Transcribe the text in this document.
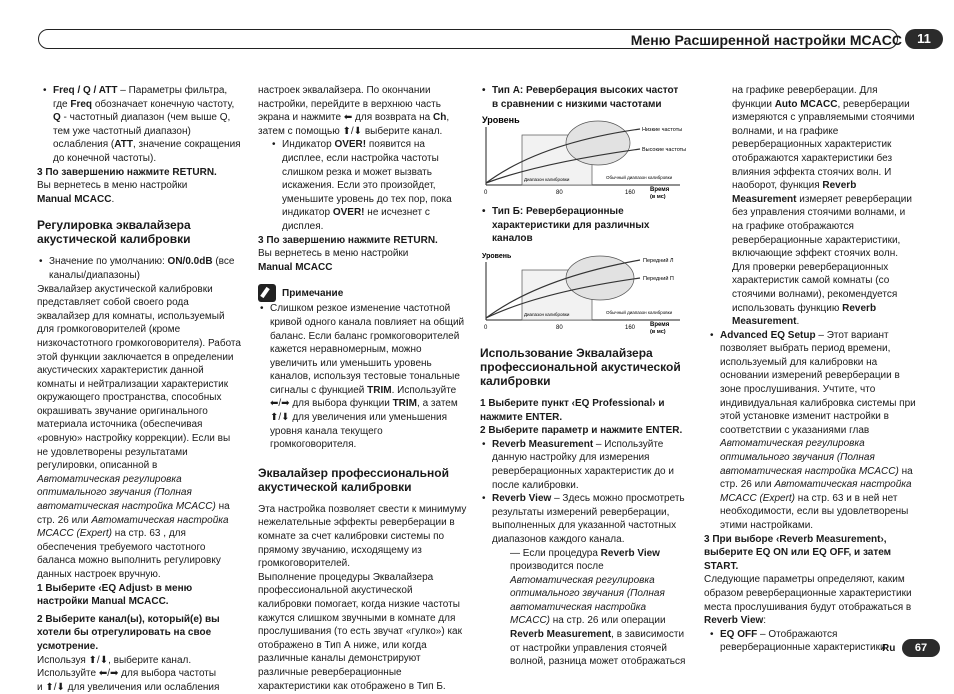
Меню Расширенной настройки MCACC	11

• Freq / Q / ATT – Параметры фильтра, где Freq обозначает конечную частоту, Q - частотный диапазон (чем выше Q, тем уже частотный диапазон) ослабления (ATT, значение сокращения до конечной частоты).

3 По завершению нажмите RETURN.

Вы вернетесь в меню настройки
Manual MCACC.

Регулировка эквалайзера акустической калибровки

• Значение по умолчанию: ON/0.0dB (все каналы/диапазоны)

Эквалайзер акустической калибровки представляет собой своего рода эквалайзер для комнаты, используемый для громкоговорителей (кроме низкочастотного громкоговорителя). Работа этой функции заключается в определении акустических характеристик данной комнаты и нейтрализации характеристик окружающего пространства, способных окрашивать звучание оригинального материала источника (обеспечивая «ровную» настройку коррекции). Если вы не удовлетворены результатами регулировки, описанной в Автоматическая регулировка оптимального звучания (Полная автоматическая настройка MCACC) на стр. 26 или Автоматическая настройка MCACC (Expert) на стр. 63 , для обеспечения требуемого частотного баланса можно выполнить регулировку данных настроек вручную.

1 Выберите ‹EQ Adjust› в меню настройки Manual MCACC.

2 Выберите канал(ы), который(е) вы хотели бы отрегулировать на свое усмотрение.

Используя ⬆/⬇, выберите канал.

Используйте ⬅/➡ для выбора частоты

и ⬆/⬇ для увеличения или ослабления

настроек эквалайзера. По окончании настройки, перейдите в верхнюю часть экрана и нажмите ⬅ для возврата на Ch, затем с помощью ⬆/⬇ выберите канал.

• Индикатор OVER! появится на дисплее, если настройка частоты слишком резка и может вызвать искажения. Если это произойдет, уменьшите уровень до тех пор, пока индикатор OVER! не исчезнет с дисплея.

3 По завершению нажмите RETURN.

Вы вернетесь в меню настройки
Manual MCACC

Примечание

• Слишком резкое изменение частотной кривой одного канала повлияет на общий баланс. Если баланс громкоговорителей кажется неравномерным, можно увеличить или уменьшить уровень каналов, используя тестовые тональные сигналы с функцией TRIM. Используйте ⬅/➡ для выбора функции TRIM, а затем ⬆/⬇ для увеличения или уменьшения уровня канала текущего громкоговорителя.

Эквалайзер профессиональной акустической калибровки

Эта настройка позволяет свести к минимуму нежелательные эффекты реверберации в комнате за счет калибровки системы по прямому звучанию, исходящему из громкоговорителей.

Выполнение процедуры Эквалайзера профессиональной акустической калибровки помогает, когда низкие частоты кажутся слишком звучными в комнате для прослушивания (то есть звучат «гулко») как отображено в Тип А ниже, или когда различные каналы демонстрируют различные реверберационные характеристики как отображено в Тип Б.

• Тип A: Реверберация высоких частот в сравнении с низкими частотами

Уровень
Низкие частоты
Высокие частоты
Диапазон калибровки	Обычный диапазон калибровки
0	80	160 Время
(в мс)

• Тип Б: Реверберационные характеристики для различных каналов

Уровень
Передний Л
Передний П
Диапазон калибровки	Обычный диапазон калибровки
0	80	160 Время
(в мс)
Использование Эквалайзера профессиональной акустической калибровки

1 Выберите пункт ‹EQ Professional› и нажмите ENTER.

2 Выберите параметр и нажмите ENTER.

• Reverb Measurement – Используйте данную настройку для измерения реверберационных характеристик до и после калибровки.

• Reverb View – Здесь можно просмотреть результаты измерений реверберации, выполненных для указанной частотных диапазонов каждого канала.

— Если процедура Reverb View производится после Автоматическая регулировка оптимального звучания (Полная автоматическая настройка MCACC) на стр. 26 или операции Reverb Measurement, в зависимости от настройки управления стоячей волной, разница может отображаться

на графике реверберации. Для функции Auto MCACC, реверберации измеряются с управляемыми стоячими волнами, и на графике реверберационных характеристик отображаются характеристики без влияния эффекта стоячих волн. И наоборот, функция Reverb Measurement измеряет реверберации без управления стоячими волнами, и на графике отображаются реверберационные характеристики, включающие эффект стоячих волн. Для проверки реверберационных характеристик самой комнаты (со стоячими волнами), рекомендуется использовать функцию Reverb Measurement.

• Advanced EQ Setup – Этот вариант позволяет выбрать период времени, используемый для калибровки на основании измерений реверберации в зоне прослушивания. Учтите, что индивидуальная калибровка системы при этой установке изменит настройки в соответствии с указаниями глав Автоматическая регулировка оптимального звучания (Полная автоматическая настройка MCACC) на стр. 26 или Автоматическая настройка MCACC (Expert) на стр. 63 и в ней нет необходимости, если вы удовлетворены этими настройками.

3 При выборе ‹Reverb Measurement›, выберите EQ ON или EQ OFF, и затем START.

Следующие параметры определяют, каким образом реверберационные характеристики места прослушивания будут отображаться в Reverb View:

• EQ OFF – Отображаются реверберационные характеристики

Ru	67
